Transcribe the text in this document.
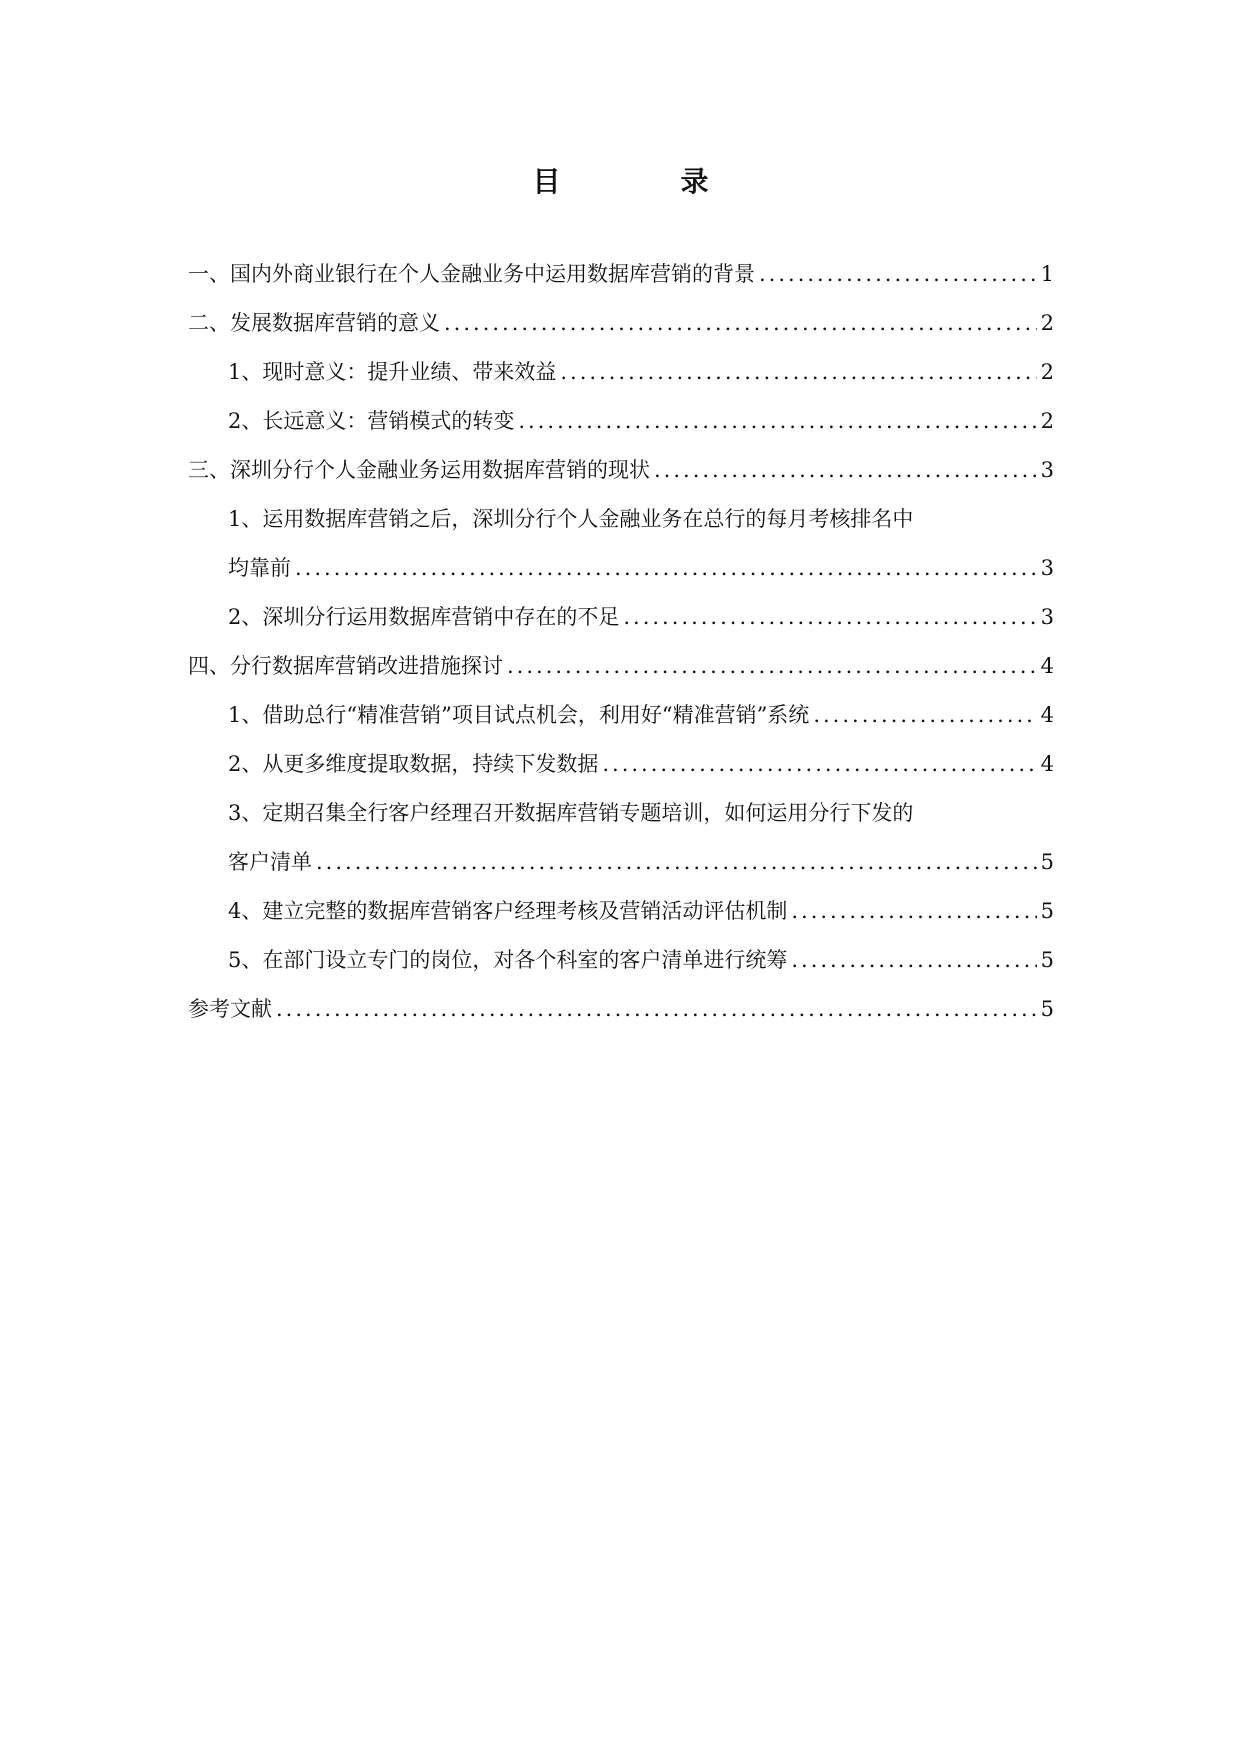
目　录
一、国内外商业银行在个人金融业务中运用数据库营销的背景 .....	1
二、发展数据库营销的意义 .....	2
1、现时意义：提升业绩、带来效益 .....	2
2、长远意义：营销模式的转变 .....	2
三、深圳分行个人金融业务运用数据库营销的现状 .....	3
1、运用数据库营销之后，深圳分行个人金融业务在总行的每月考核排名中
均靠前 .....	3
2、深圳分行运用数据库营销中存在的不足 .....	3
四、分行数据库营销改进措施探讨 .....	4
1、借助总行“精准营销”项目试点机会，利用好“精准营销”系统 .....	4
2、从更多维度提取数据，持续下发数据 .....	4
3、定期召集全行客户经理召开数据库营销专题培训，如何运用分行下发的
客户清单 .....	5
4、建立完整的数据库营销客户经理考核及营销活动评估机制 .....	5
5、在部门设立专门的岗位，对各个科室的客户清单进行统筹 .....	5
参考文献 .....	5
